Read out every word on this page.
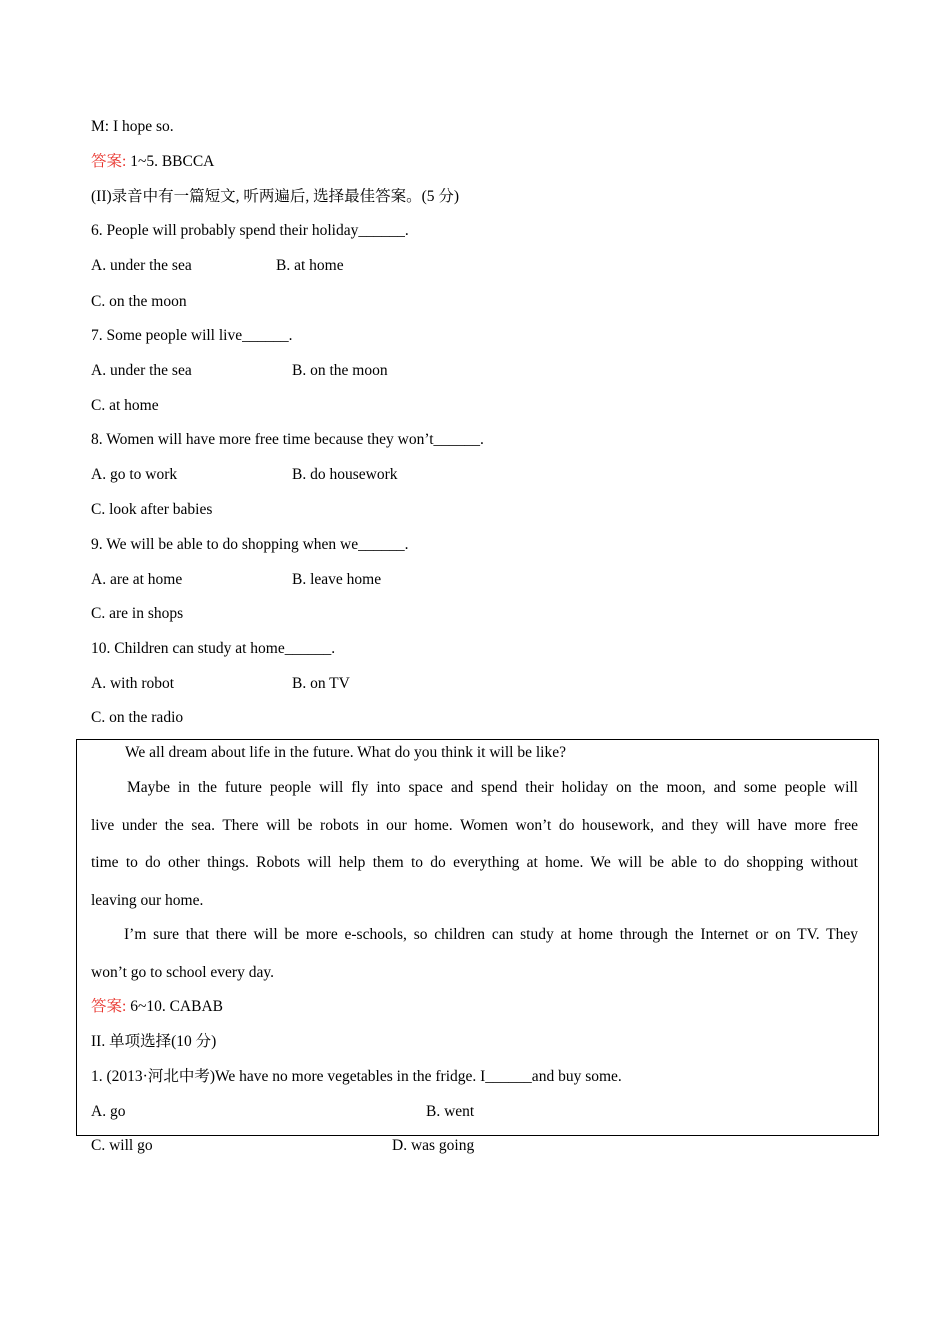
M: I hope so.
答案: 1~5. BBCCA
(II)录音中有一篇短文, 听两遍后, 选择最佳答案。(5 分)
6. People will probably spend their holiday______.
A. under the sea	B. at home
C. on the moon
7. Some people will live______.
A. under the sea	B. on the moon
C. at home
8. Women will have more free time because they won’t______.
A. go to work	B. do housework
C. look after babies
9. We will be able to do shopping when we______.
A. are at home	B. leave home
C. are in shops
10. Children can study at home______.
A. with robot	B. on TV
C. on the radio
We all dream about life in the future. What do you think it will be like?
Maybe in the future people will fly into space and spend their holiday on the moon, and some people will
live under the sea. There will be robots in our home. Women won’t do housework, and they will have more free
time to do other things. Robots will help them to do everything at home. We will be able to do shopping without
leaving our home.
I’m sure that there will be more e-schools, so children can study at home through the Internet or on TV. They
won’t go to school every day.
答案: 6~10. CABAB
II. 单项选择(10 分)
1. (2013·河北中考)We have no more vegetables in the fridge. I______and buy some.
A. go	B. went
C. will go	D. was going
